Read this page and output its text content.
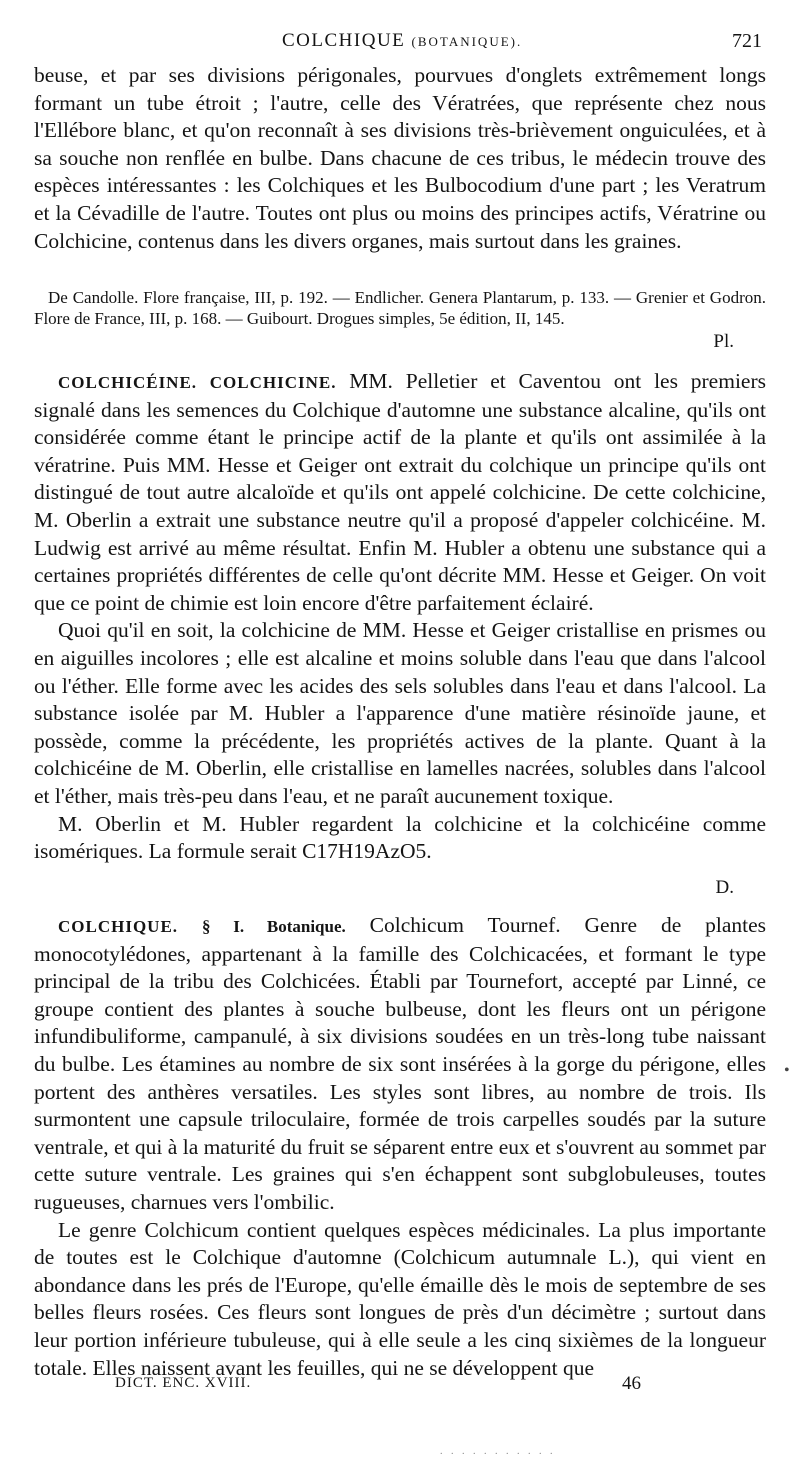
COLCHIQUE (BOTANIQUE).	721

beuse, et par ses divisions périgonales, pourvues d'onglets extrêmement longs formant un tube étroit ; l'autre, celle des Vératrées, que représente chez nous l'Ellébore blanc, et qu'on reconnaît à ses divisions très-brièvement onguiculées, et à sa souche non renflée en bulbe. Dans chacune de ces tribus, le médecin trouve des espèces intéressantes : les Colchiques et les Bulbocodium d'une part ; les Veratrum et la Cévadille de l'autre. Toutes ont plus ou moins des principes actifs, Vératrine ou Colchicine, contenus dans les divers organes, mais surtout dans les graines.

De Candolle. Flore française, III, p. 192. — Endlicher. Genera Plantarum, p. 133. — Grenier et Godron. Flore de France, III, p. 168. — Guibourt. Drogues simples, 5e édition, II, 145.
Pl.

COLCHICÉINE. COLCHICINE. MM. Pelletier et Caventou ont les premiers signalé dans les semences du Colchique d'automne une substance alcaline, qu'ils ont considérée comme étant le principe actif de la plante et qu'ils ont assimilée à la vératrine. Puis MM. Hesse et Geiger ont extrait du colchique un principe qu'ils ont distingué de tout autre alcaloïde et qu'ils ont appelé colchicine. De cette colchicine, M. Oberlin a extrait une substance neutre qu'il a proposé d'appeler colchicéine. M. Ludwig est arrivé au même résultat. Enfin M. Hubler a obtenu une substance qui a certaines propriétés différentes de celle qu'ont décrite MM. Hesse et Geiger. On voit que ce point de chimie est loin encore d'être parfaitement éclairé.

Quoi qu'il en soit, la colchicine de MM. Hesse et Geiger cristallise en prismes ou en aiguilles incolores ; elle est alcaline et moins soluble dans l'eau que dans l'alcool ou l'éther. Elle forme avec les acides des sels solubles dans l'eau et dans l'alcool. La substance isolée par M. Hubler a l'apparence d'une matière résinoïde jaune, et possède, comme la précédente, les propriétés actives de la plante. Quant à la colchicéine de M. Oberlin, elle cristallise en lamelles nacrées, solubles dans l'alcool et l'éther, mais très-peu dans l'eau, et ne paraît aucunement toxique.

M. Oberlin et M. Hubler regardent la colchicine et la colchicéine comme isomériques. La formule serait C17H19AzO5.

D.

COLCHIQUE. § I. Botanique. Colchicum Tournef. Genre de plantes monocotylédones, appartenant à la famille des Colchicacées, et formant le type principal de la tribu des Colchicées. Établi par Tournefort, accepté par Linné, ce groupe contient des plantes à souche bulbeuse, dont les fleurs ont un périgone infundibuliforme, campanulé, à six divisions soudées en un très-long tube naissant du bulbe. Les étamines au nombre de six sont insérées à la gorge du périgone, elles portent des anthères versatiles. Les styles sont libres, au nombre de trois. Ils surmontent une capsule triloculaire, formée de trois carpelles soudés par la suture ventrale, et qui à la maturité du fruit se séparent entre eux et s'ouvrent au sommet par cette suture ventrale. Les graines qui s'en échappent sont subglobuleuses, toutes rugueuses, charnues vers l'ombilic.

Le genre Colchicum contient quelques espèces médicinales. La plus importante de toutes est le Colchique d'automne (Colchicum autumnale L.), qui vient en abondance dans les prés de l'Europe, qu'elle émaille dès le mois de septembre de ses belles fleurs rosées. Ces fleurs sont longues de près d'un décimètre ; surtout dans leur portion inférieure tubuleuse, qui à elle seule a les cinq sixièmes de la longueur totale. Elles naissent avant les feuilles, qui ne se développent que

DICT. ENC. XVIII.	46
•
. . . . . . . . . . .
